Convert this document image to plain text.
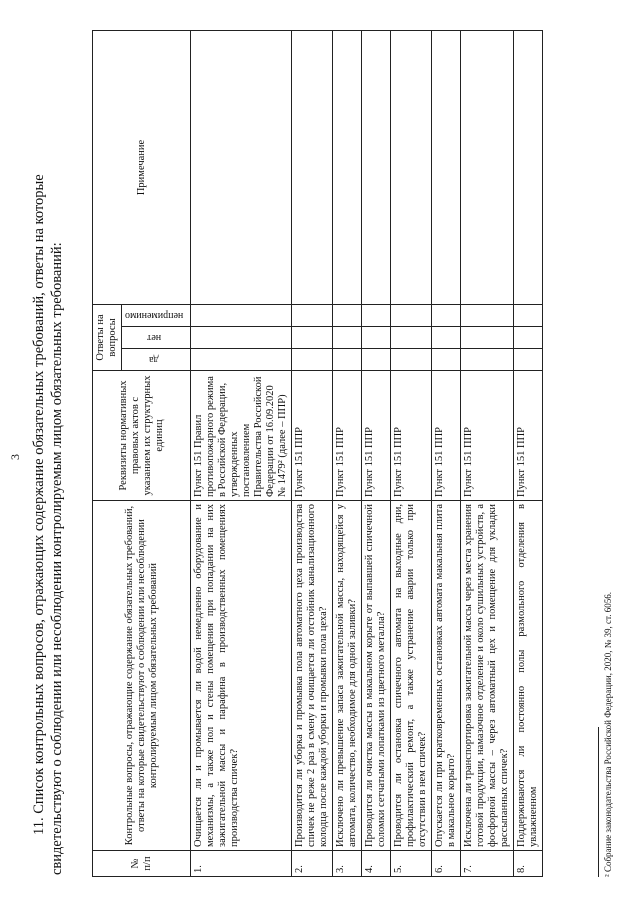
3 11. Список контрольных вопросов, отражающих содержание обязательных требований, ответы на которые свидетельствуют о соблюдении или несоблюдении контролируемым лицом обязательных требований:	№ п/п	Контрольные вопросы, отражающие содержание обязательных требований, ответы на которые свидетельствуют о соблюдении или несоблюдении контролируемым лицом обязательных требований	Реквизиты нормативных правовых актов с указанием их структурных единиц	Ответы на вопросы			Примечание
			да	нет	неприменимо	
1.	Очищается ли и промывается ли водой немедленно оборудование и механизмы, а также пол и стены помещения при попадании на них зажигательной массы и парафина в производственных помещениях производства спичек?	Пункт 151 Правил противопожарного режима в Российской Федерации, утвержденных постановлением Правительства Российской Федерации от 16.09.2020 № 1479² (далее – ППР)				
2.	Производится ли уборка и промывка пола автоматного цеха производства спичек не реже 2 раз в смену и очищается ли отстойник канализационного колодца после каждой уборки и промывки пола цеха?	Пункт 151 ППР				
3.	Исключено ли превышение запаса зажигательной массы, находящейся у автомата, количество, необходимое для одной заливки?	Пункт 151 ППР				
4.	Проводится ли очистка массы в макальном корыте от выпавшей спичечной соломки сетчатыми лопатками из цветного металла?	Пункт 151 ППР				
5.	Проводится ли остановка спичечного автомата на выходные дни, профилактический ремонт, а также устранение аварии только при отсутствии в нем спичек?	Пункт 151 ППР				
6.	Опускается ли при кратковременных остановках автомата макальная плита в макальное корыто?	Пункт 151 ППР				
7.	Исключена ли транспортировка зажигательной массы через места хранения готовой продукции, намазочное отделение и около сушильных устройств, а фосфорной массы – через автоматный цех и помещение для укладки рассыпанных спичек?	Пункт 151 ППР				
8.	Поддерживаются ли постоянно полы размольного отделения в увлажненном	Пункт 151 ППР				
² Собрание законодательства Российской Федерации, 2020, № 39, ст. 6056.
